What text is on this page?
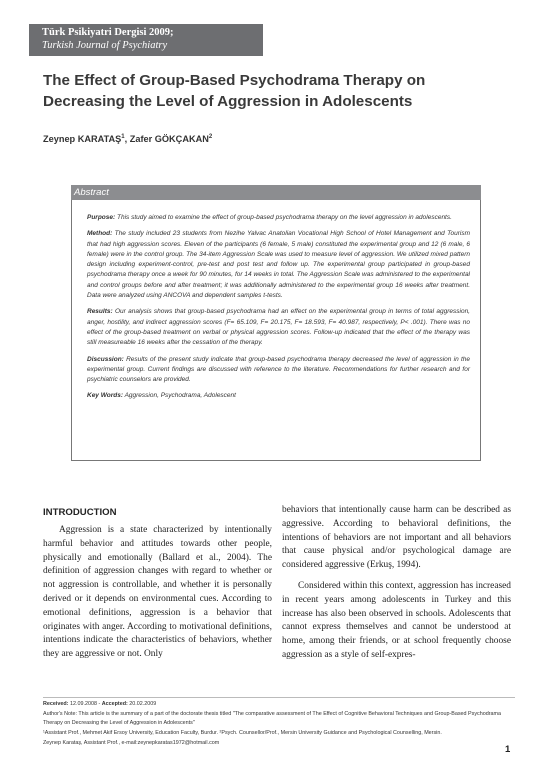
Türk Psikiyatri Dergisi 2009;
Turkish Journal of Psychiatry
The Effect of Group-Based Psychodrama Therapy on Decreasing the Level of Aggression in Adolescents
Zeynep KARATAŞ$^1$, Zafer GÖKÇAKAN$^2$
Abstract

Purpose: This study aimed to examine the effect of group-based psychodrama therapy on the level aggression in adolescents.

Method: The study included 23 students from Nezihe Yalvac Anatolian Vocational High School of Hotel Management and Tourism that had high aggression scores. Eleven of the participants (6 female, 5 male) constituted the experimental group and 12 (6 male, 6 female) were in the control group. The 34-item Aggression Scale was used to measure level of aggression. We utilized mixed pattern design including experiment-control, pre-test and post test and follow up. The experimental group participated in group-based psychodrama therapy once a week for 90 minutes, for 14 weeks in total. The Aggression Scale was administered to the experimental and control groups before and after treatment; it was additionally administered to the experimental group 16 weeks after treatment. Data were analyzed using ANCOVA and dependent samples t-tests.

Results: Our analysis shows that group-based psychodrama had an effect on the experimental group in terms of total aggression, anger, hostility, and indirect aggression scores (F= 65.109, F= 20.175, F= 18.593, F= 40.987, respectively, P< .001). There was no effect of the group-based treatment on verbal or physical aggression scores. Follow-up indicated that the effect of the therapy was still measureable 16 weeks after the cessation of the therapy.

Discussion: Results of the present study indicate that group-based psychodrama therapy decreased the level of aggression in the experimental group. Current findings are discussed with reference to the literature. Recommendations for further research and for psychiatric counselors are provided.

Key Words: Aggression, Psychodrama, Adolescent

INTRODUCTION

Aggression is a state characterized by intentionally harmful behavior and attitudes towards other people, physically and emotionally (Ballard et al., 2004). The definition of aggression changes with regard to whether or not aggression is controllable, and whether it is personally derived or it depends on environmental cues. According to emotional definitions, aggression is a behavior that originates with anger. According to motivational definitions, intentions indicate the characteristics of behaviors, whether they are aggressive or not. Only

behaviors that intentionally cause harm can be described as aggressive. According to behavioral definitions, the intentions of behaviors are not important and all behaviors that cause physical and/or psychological damage are considered aggressive (Erkuş, 1994).

Considered within this context, aggression has increased in recent years among adolescents in Turkey and this increase has also been observed in schools. Adolescents that cannot express themselves and cannot be understood at home, among their friends, or at school frequently choose aggression as a style of self-expres-

Received: 12.09.2008 - Accepted: 20.02.2009

Author's Note: This article is the summary of a part of the doctorate thesis titled "The comparative assessment of The Effect of Cognitive Behavioral Techniques and Group-Based Psychodrama Therapy on Decreasing the Level of Aggression in Adolescents"

¹Assistant Prof., Mehmet Akif Ersoy University, Education Faculty, Burdur. ²Psych. Counsellor/Prof., Mersin University Guidance and Psychological Counselling, Mersin.

Zeynep Karataş, Assistant Prof., e-mail:zeynepkaratas1972@hotmail.com

1
